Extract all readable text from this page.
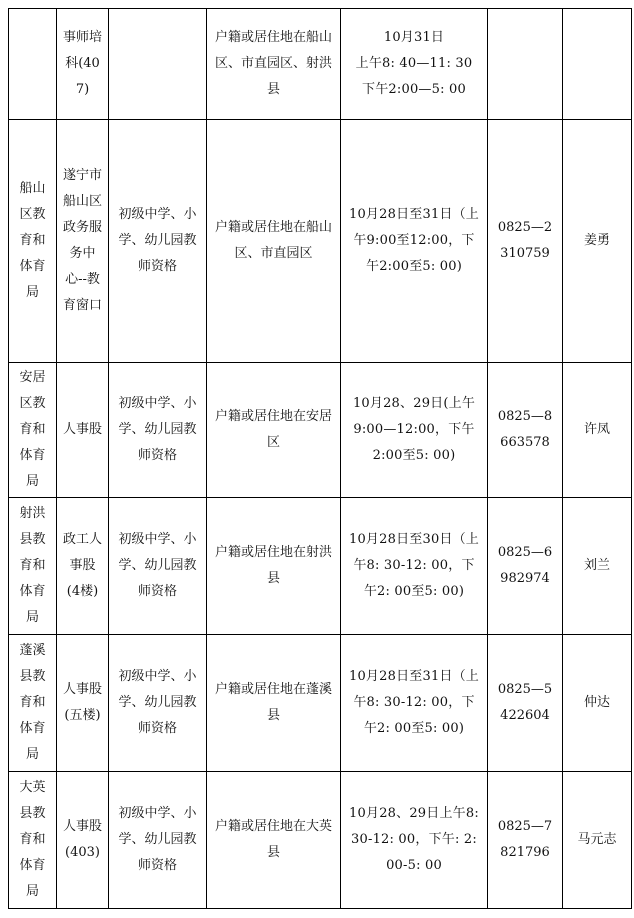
	事师培科(407)		户籍或居住地在船山区、市直园区、射洪县	10月31日
上午8: 40—11: 30
下午2:00—5: 00		
船山区教育和体育局	遂宁市船山区政务服务中心--教育窗口	初级中学、小学、幼儿园教师资格	户籍或居住地在船山区、市直园区	10月28日至31日（上午9:00至12:00，下午2:00至5: 00)	0825—2310759	姜勇
安居区教育和体育局	人事股	初级中学、小学、幼儿园教师资格	户籍或居住地在安居区	10月28、29日(上午9:00—12:00，下午2:00至5: 00)	0825—8663578	许凤
射洪县教育和体育局	政工人事股(4楼)	初级中学、小学、幼儿园教师资格	户籍或居住地在射洪县	10月28日至30日（上午8: 30-12: 00，下午2: 00至5: 00)	0825—6982974	刘兰
蓬溪县教育和体育局	人事股(五楼)	初级中学、小学、幼儿园教师资格	户籍或居住地在蓬溪县	10月28日至31日（上午8: 30-12: 00，下午2: 00至5: 00)	0825—5422604	仲达
大英县教育和体育局	人事股(403)	初级中学、小学、幼儿园教师资格	户籍或居住地在大英县	10月28、29日上午8: 30-12: 00，下午: 2: 00-5: 00	0825—7821796	马元志
